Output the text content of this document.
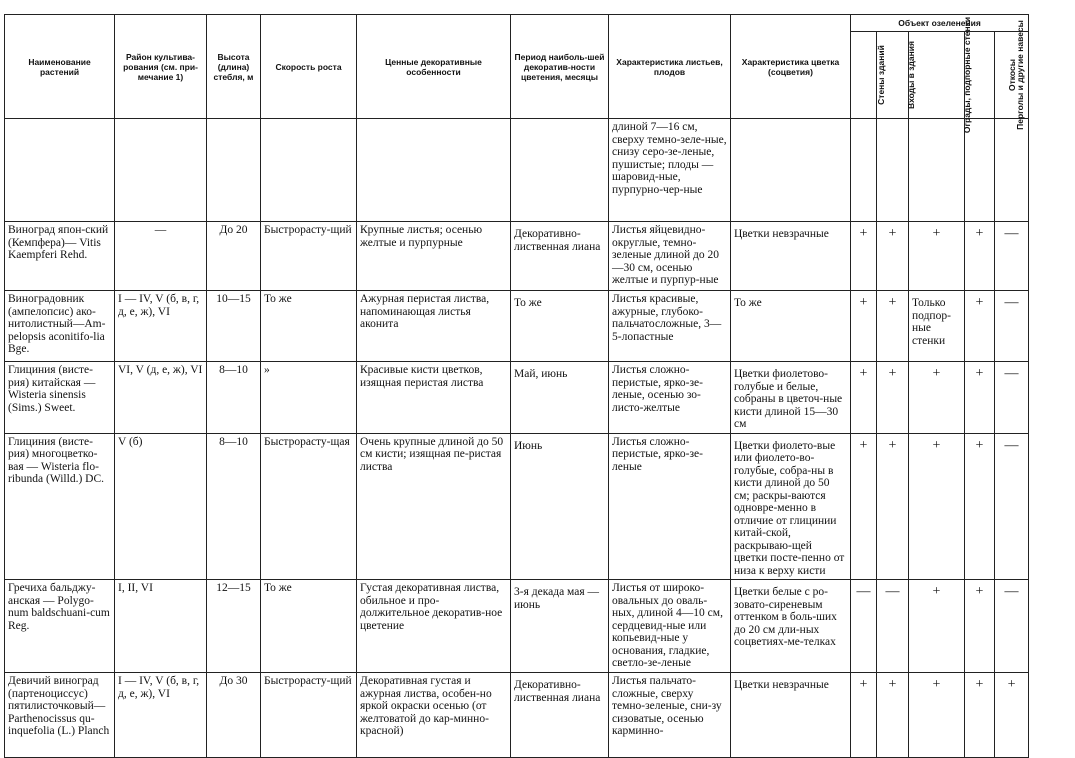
Наименование растений	Район культива-рования (см. при-мечание 1)	Высота (длина) стебля, м	Скорость роста	Ценные декоративные особенности	Период наиболь-шей декоратив-ности цветения, месяцы	Характеристика листьев, плодов	Характеристика цветка (соцветия)	Объект озеленения				
								Стены зданий	Входы в здания	Ограды, подпорные стенки	Перголы и другие навесы	Откосы
						длиной 7—16 см, сверху темно-зеле-ные, снизу серо-зе-леные, пушистые; плоды — шаровид-ные, пурпурно-чер-ные						
Виноград япон-ский (Кемпфера)— Vitis Kaempferi Rehd.	—	До 20	Быстрорасту-щий	Крупные листья; осенью желтые и пурпурные	Декоративно-лиственная лиана	Листья яйцевидно-округлые, темно-зеленые длиной до 20—30 см, осенью желтые и пурпур-ные	Цветки невзрачные	+	+	+	+	—
Виноградовник (ампелопсис) ако-нитолистный—Am-pelopsis aconitifo-lia Bge.	I — IV, V (б, в, г, д, е, ж), VI	10—15	То же	Ажурная перистая листва, напоминающая листья аконита	То же	Листья красивые, ажурные, глубоко-пальчатосложные, 3—5-лопастные	То же	+	+	Только подпор-ные стенки	+	—
Глициния (висте-рия) китайская — Wisteria sinensis (Sims.) Sweet.	VI, V (д, е, ж), VI	8—10	»	Красивые кисти цветков, изящная перистая листва	Май, июнь	Листья сложно-перистые, ярко-зе-леные, осенью зо-листо-желтые	Цветки фиолетово-голубые и белые, собраны в цветоч-ные кисти длиной 15—30 см	+	+	+	+	—
Глициния (висте-рия) многоцветко-вая — Wisteria flo-ribunda (Willd.) DC.	V (б)	8—10	Быстрорасту-щая	Очень крупные длиной до 50 см кисти; изящная пе-ристая листва	Июнь	Листья сложно-перистые, ярко-зе-леные	Цветки фиолето-вые или фиолето-во-голубые, собра-ны в кисти длиной до 50 см; раскры-ваются одновре-менно в отличие от глицинии китай-ской, раскрываю-щей цветки посте-пенно от низа к верху кисти	+	+	+	+	—
Гречиха бальджу-анская — Polygo-num baldschuani-cum Reg.	I, II, VI	12—15	То же	Густая декоративная листва, обильное и про-должительное декоратив-ное цветение	3-я декада мая — июнь	Листья от широко-овальных до оваль-ных, длиной 4—10 см, сердцевид-ные или копьевид-ные у основания, гладкие, светло-зе-леные	Цветки белые с ро-зовато-сиреневым оттенком в боль-ших до 20 см дли-ных соцветиях-ме-телках	—	—	+	+	—
Девичий виноград (партеноциссус) пятилисточковый— Parthenocissus qu-inquefolia (L.) Planch	I — IV, V (б, в, г, д, е, ж), VI	До 30	Быстрорасту-щий	Декоративная густая и ажурная листва, особен-но яркой окраски осенью (от желтоватой до кар-минно-красной)	Декоративно-лиственная лиана	Листья пальчато-сложные, сверху темно-зеленые, сни-зу сизоватые, осенью карминно-	Цветки невзрачные	+	+	+	+	+
